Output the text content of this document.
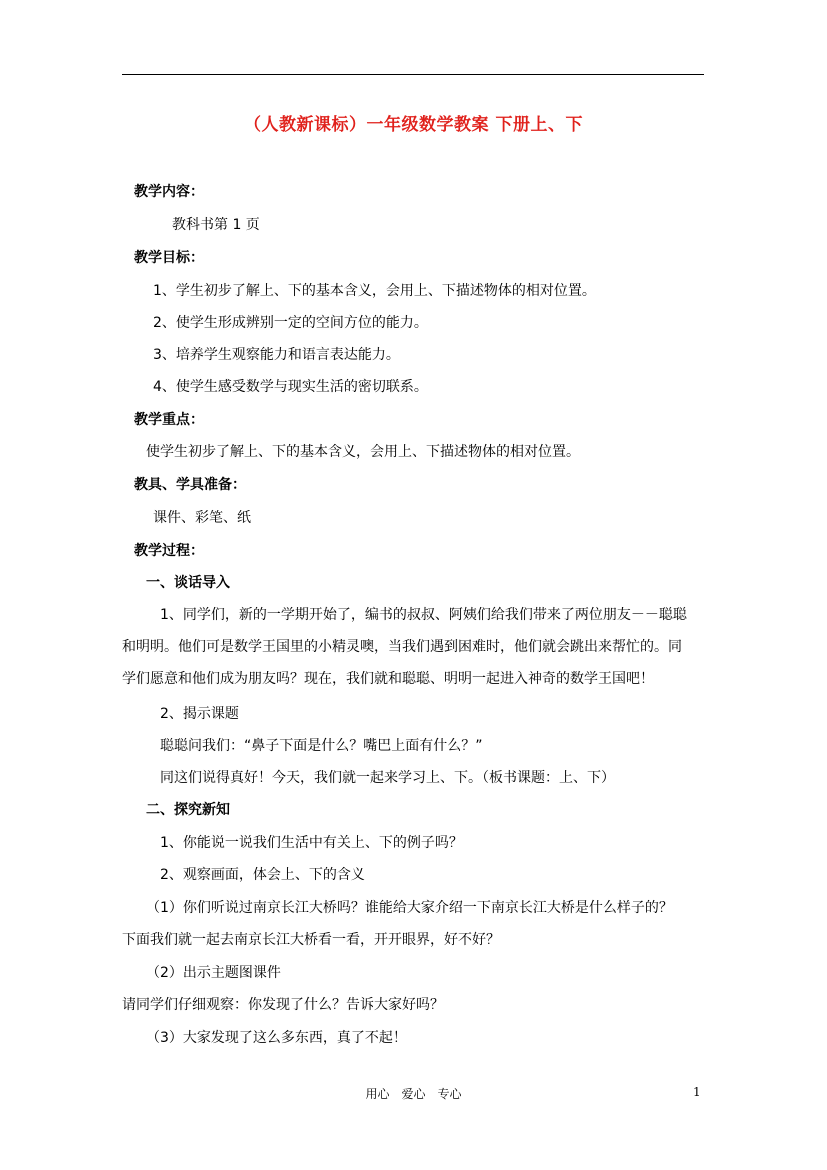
（人教新课标）一年级数学教案 下册上、下
教学内容：
教科书第 1 页
教学目标：
1、学生初步了解上、下的基本含义，会用上、下描述物体的相对位置。
2、使学生形成辨别一定的空间方位的能力。
3、培养学生观察能力和语言表达能力。
4、使学生感受数学与现实生活的密切联系。
教学重点：
使学生初步了解上、下的基本含义，会用上、下描述物体的相对位置。
教具、学具准备：
课件、彩笔、纸
教学过程：
一、谈话导入
1、同学们，新的一学期开始了，编书的叔叔、阿姨们给我们带来了两位朋友－－聪聪
和明明。他们可是数学王国里的小精灵噢，当我们遇到困难时，他们就会跳出来帮忙的。同
学们愿意和他们成为朋友吗？现在，我们就和聪聪、明明一起进入神奇的数学王国吧！
2、揭示课题
聪聪问我们：“鼻子下面是什么？嘴巴上面有什么？”
同这们说得真好！今天，我们就一起来学习上、下。（板书课题：上、下）
二、探究新知
1、你能说一说我们生活中有关上、下的例子吗？
2、观察画面，体会上、下的含义
（1）你们听说过南京长江大桥吗？谁能给大家介绍一下南京长江大桥是什么样子的？
下面我们就一起去南京长江大桥看一看，开开眼界，好不好？
（2）出示主题图课件
请同学们仔细观察：你发现了什么？告诉大家好吗？
（3）大家发现了这么多东西，真了不起！
用心　爱心　专心	1
